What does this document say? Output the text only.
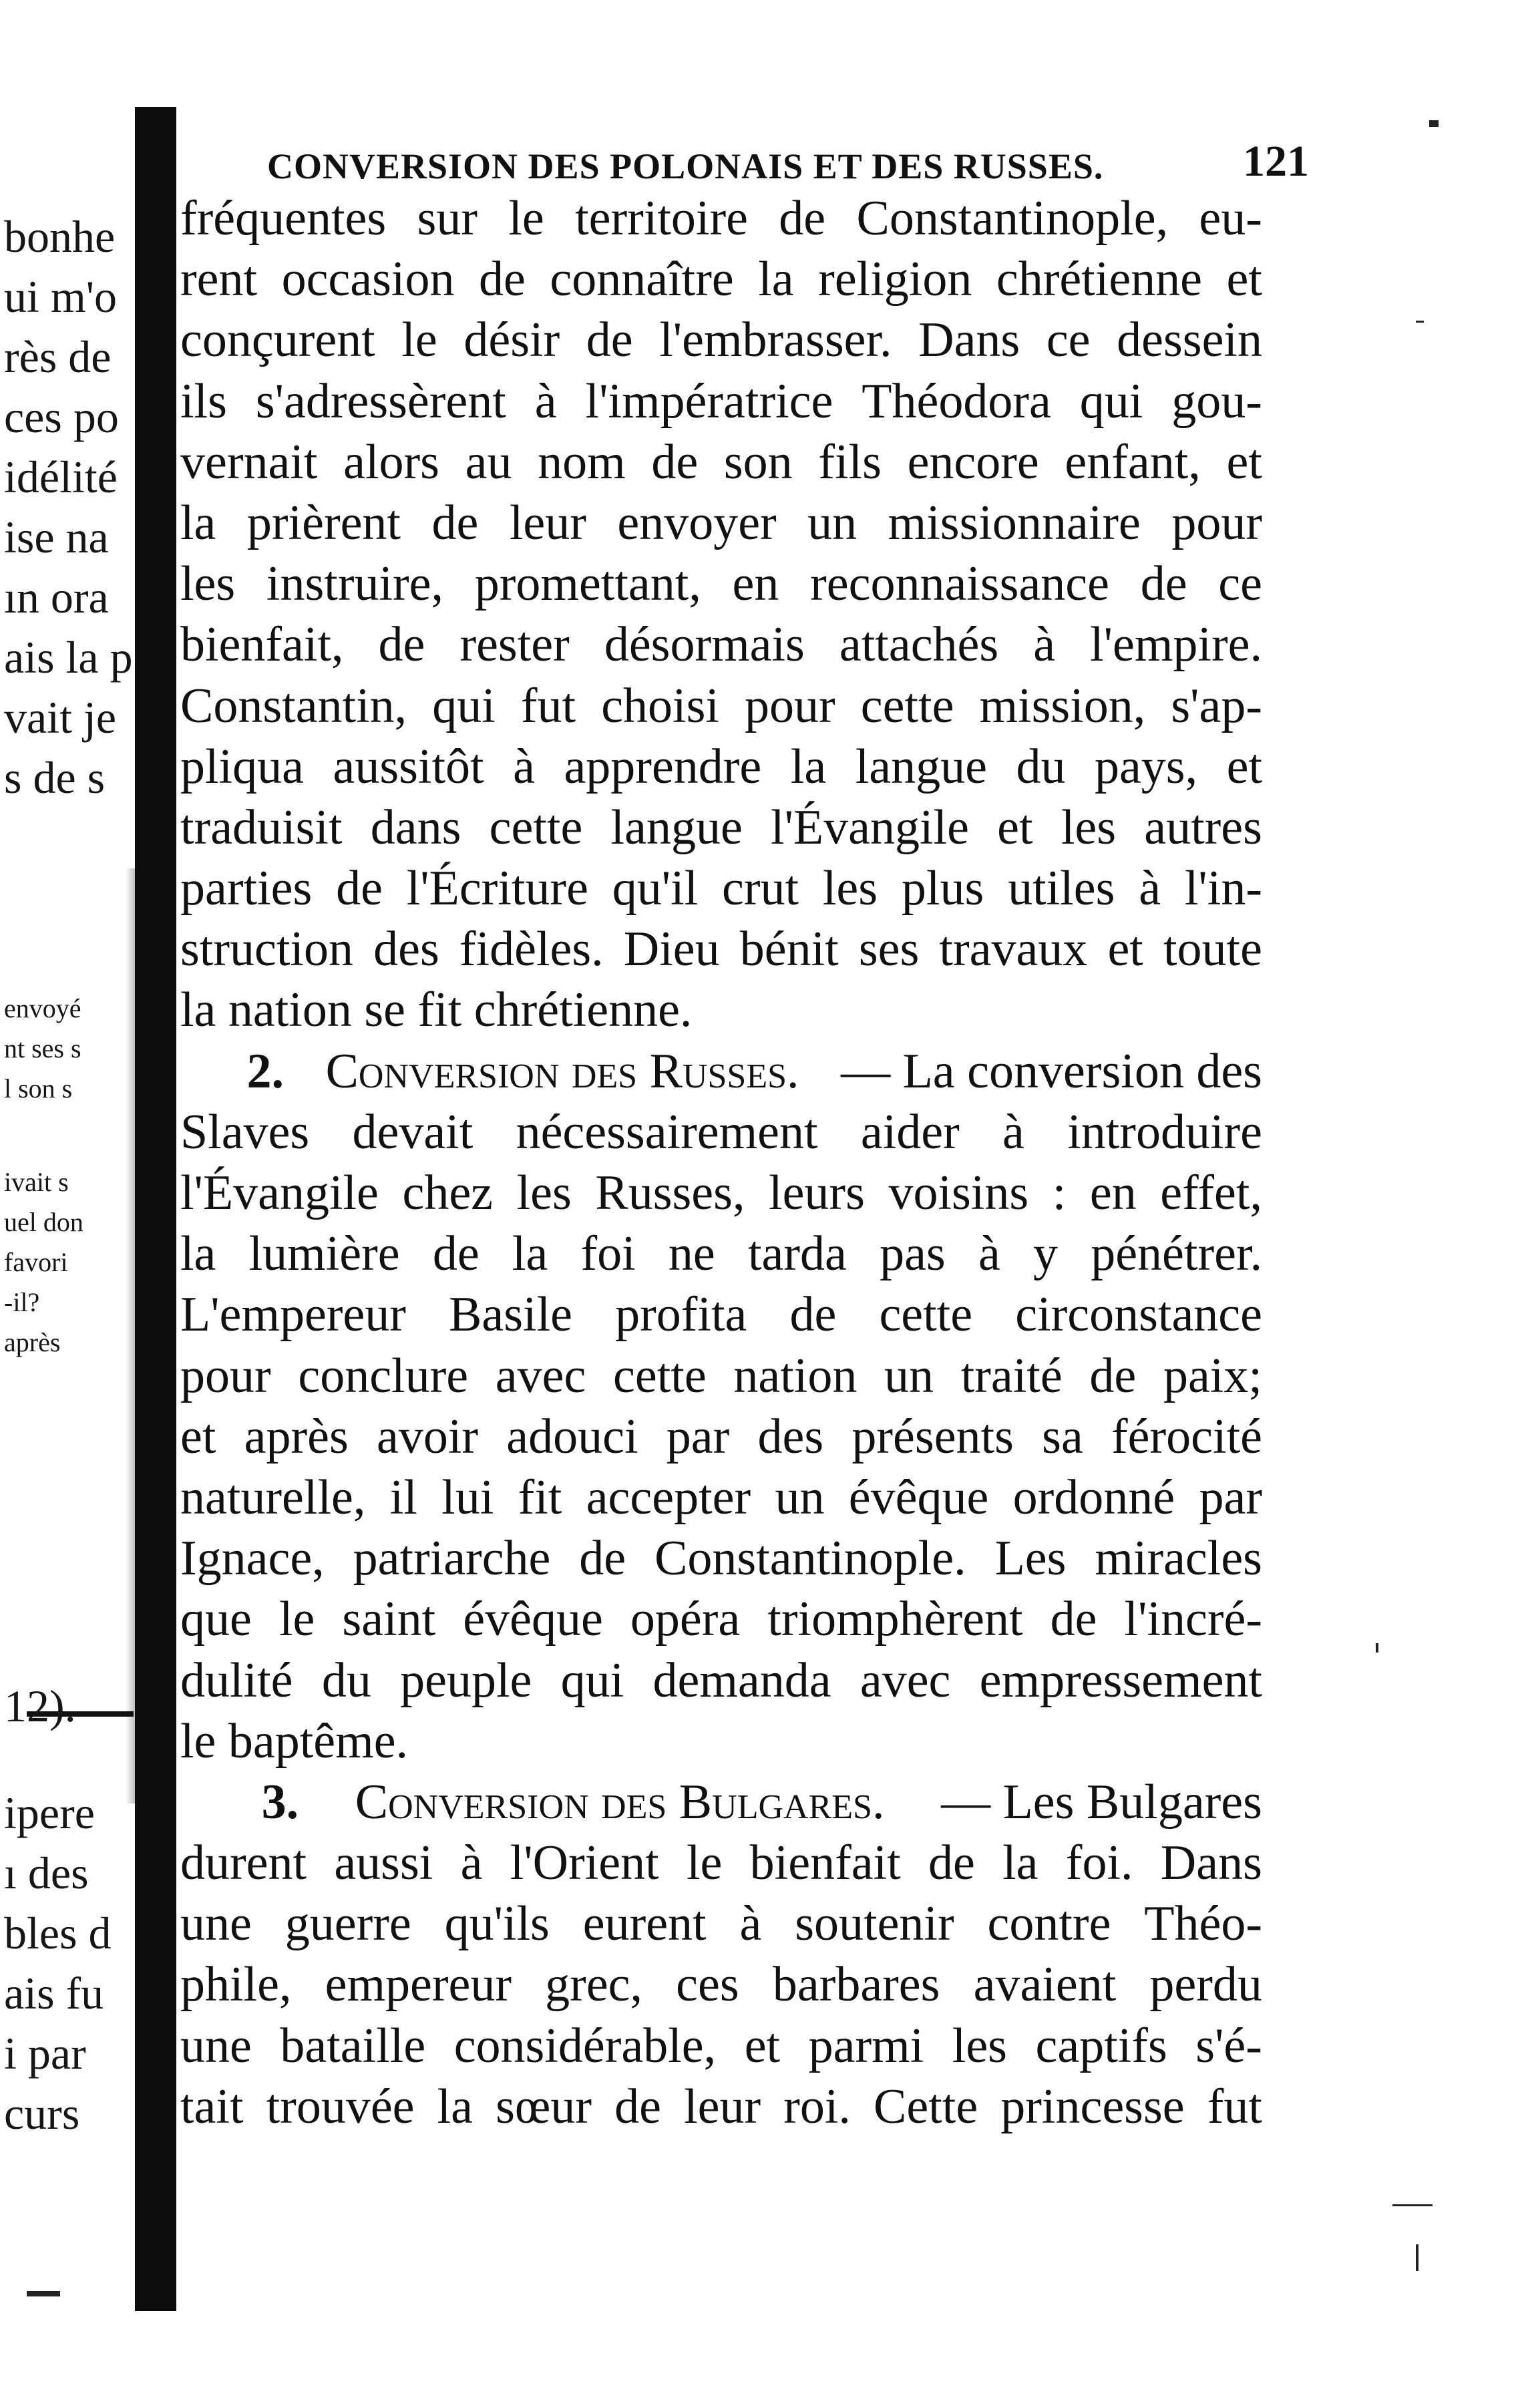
bonhe
ui m'o
rès de
ces po
idélité
ise na
ın ora
ais la p
vait je
s de s
envoyé
nt ses s
l son s
ivait s
uel don
favori
-il?
après
12).
ipere
ı des
bles d
ais fu
i par
curs
CONVERSION DES POLONAIS ET DES RUSSES.	121
fréquentes sur le territoire de Constantinople, eu-
rent occasion de connaître la religion chrétienne et
conçurent le désir de l'embrasser. Dans ce dessein
ils s'adressèrent à l'impératrice Théodora qui gou-
vernait alors au nom de son fils encore enfant, et
la prièrent de leur envoyer un missionnaire pour
les instruire, promettant, en reconnaissance de ce
bienfait, de rester désormais attachés à l'empire.
Constantin, qui fut choisi pour cette mission, s'ap-
pliqua aussitôt à apprendre la langue du pays, et
traduisit dans cette langue l'Évangile et les autres
parties de l'Écriture qu'il crut les plus utiles à l'in-
struction des fidèles. Dieu bénit ses travaux et toute
la nation se fit chrétienne.

2. Conversion des Russes. — La conversion des
Slaves devait nécessairement aider à introduire
l'Évangile chez les Russes, leurs voisins : en effet,
la lumière de la foi ne tarda pas à y pénétrer.
L'empereur Basile profita de cette circonstance
pour conclure avec cette nation un traité de paix;
et après avoir adouci par des présents sa férocité
naturelle, il lui fit accepter un évêque ordonné par
Ignace, patriarche de Constantinople. Les miracles
que le saint évêque opéra triomphèrent de l'incré-
dulité du peuple qui demanda avec empressement
le baptême.

3. Conversion des Bulgares. — Les Bulgares
durent aussi à l'Orient le bienfait de la foi. Dans
une guerre qu'ils eurent à soutenir contre Théo-
phile, empereur grec, ces barbares avaient perdu
une bataille considérable, et parmi les captifs s'é-
tait trouvée la sœur de leur roi. Cette princesse fut
